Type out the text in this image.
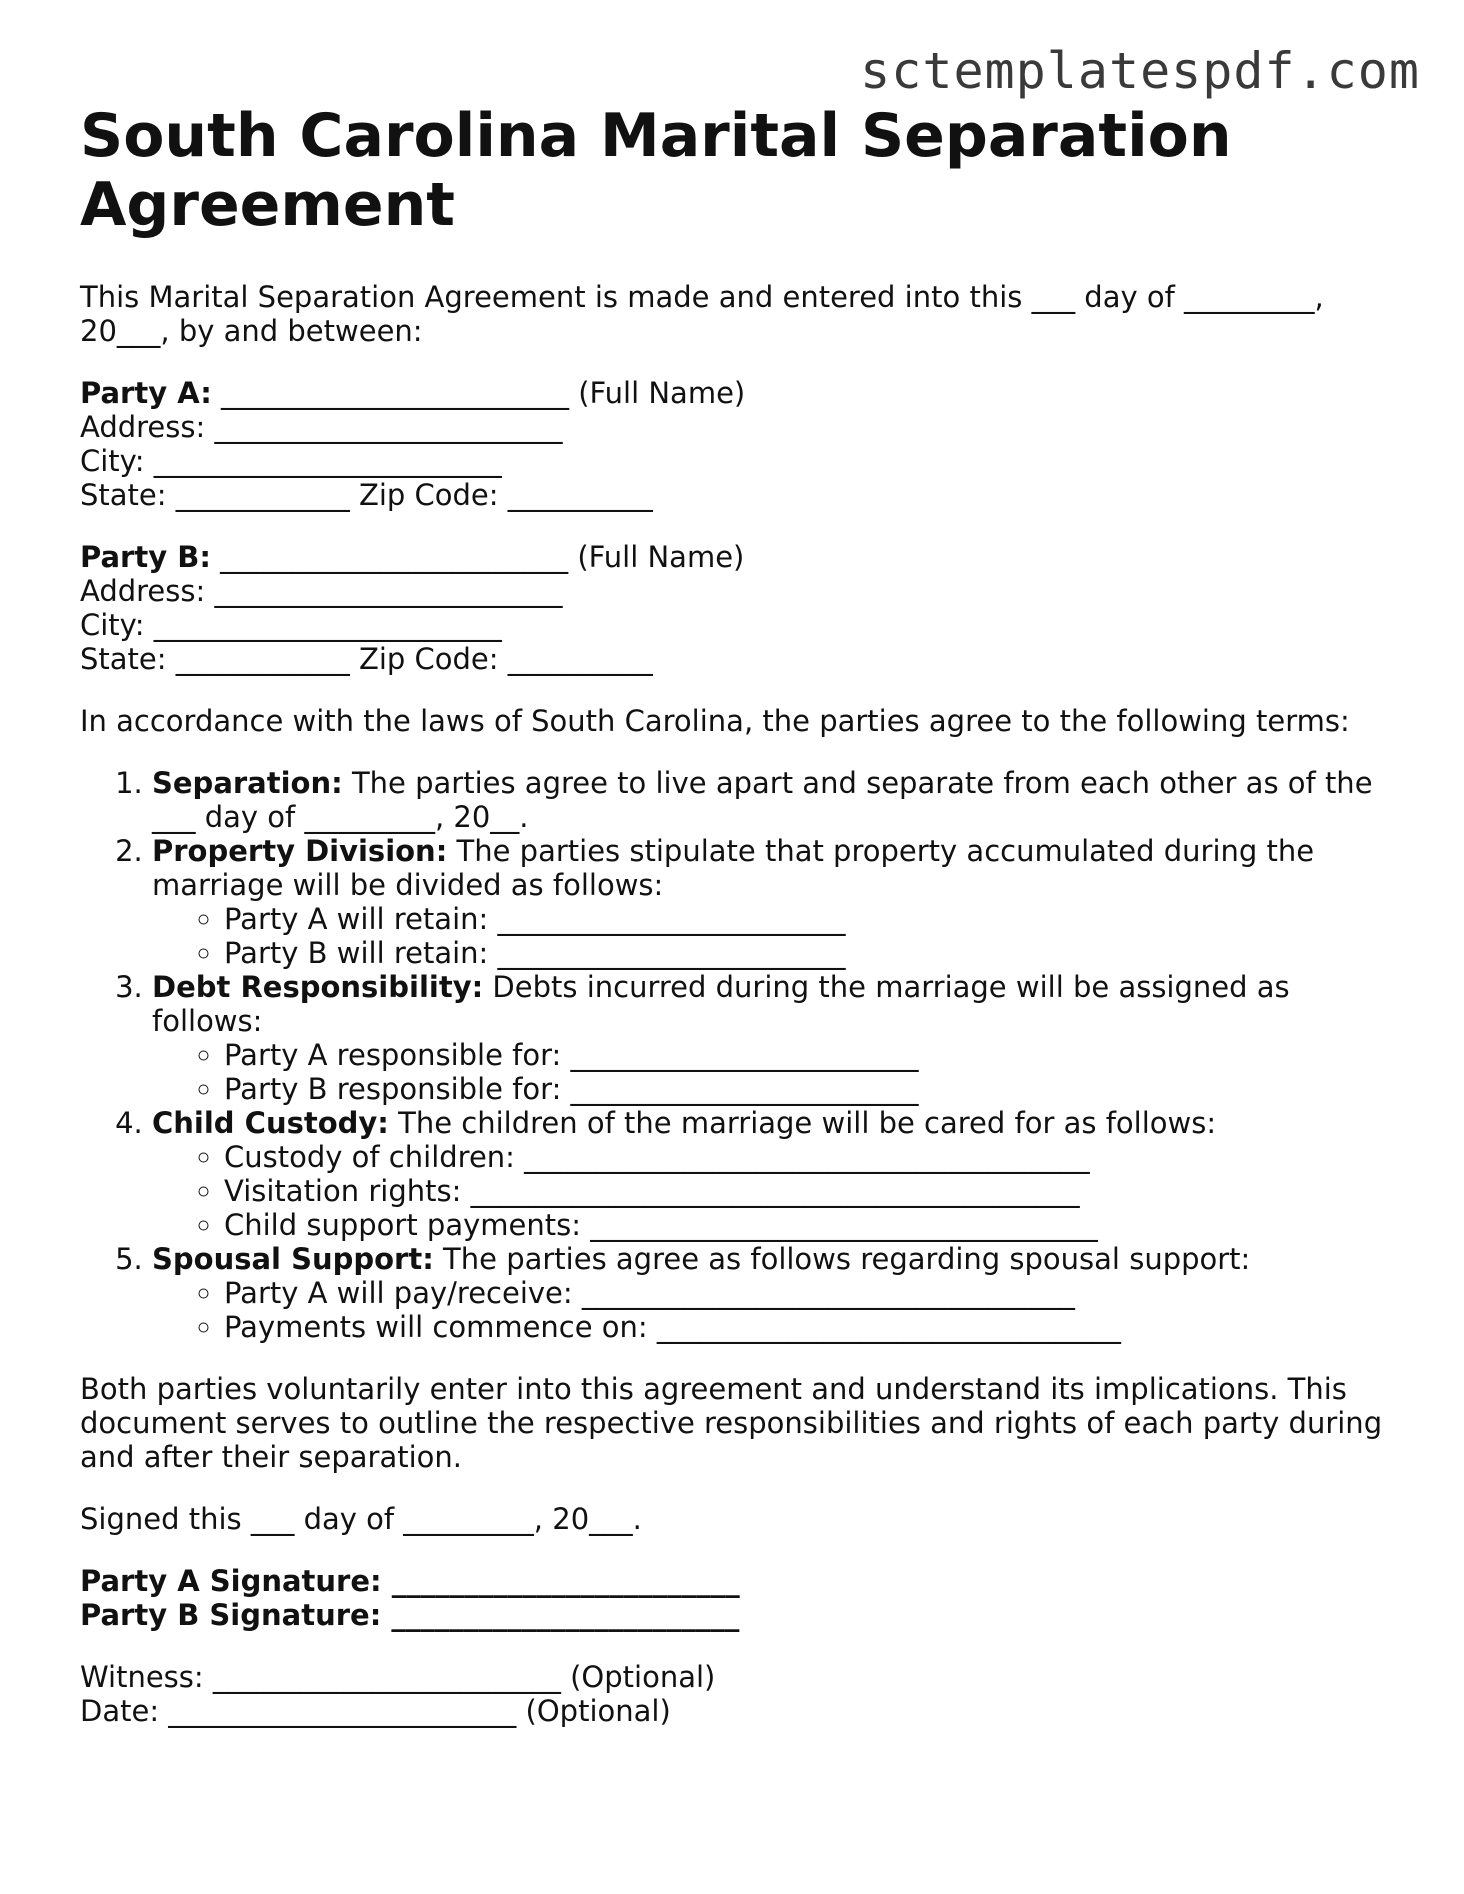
sctemplatespdf.com
South Carolina Marital Separation Agreement

This Marital Separation Agreement is made and entered into this ___ day of _________, 20___, by and between:

Party A: ________________________ (Full Name)
Address: ________________________
City: ________________________
State: ____________ Zip Code: __________
Party B: ________________________ (Full Name)
Address: ________________________
City: ________________________
State: ____________ Zip Code: __________

In accordance with the laws of South Carolina, the parties agree to the following terms:

1. Separation: The parties agree to live apart and separate from each other as of the ___ day of _________, 20__.
2. Property Division: The parties stipulate that property accumulated during the marriage will be divided as follows:
◦ Party A will retain: ________________________
◦ Party B will retain: ________________________
3. Debt Responsibility: Debts incurred during the marriage will be assigned as follows:
◦ Party A responsible for: ________________________
◦ Party B responsible for: ________________________
4. Child Custody: The children of the marriage will be cared for as follows:
◦ Custody of children: _______________________________________
◦ Visitation rights: __________________________________________
◦ Child support payments: ___________________________________
5. Spousal Support: The parties agree as follows regarding spousal support:
◦ Party A will pay/receive: __________________________________
◦ Payments will commence on: ________________________________

Both parties voluntarily enter into this agreement and understand its implications. This document serves to outline the respective responsibilities and rights of each party during and after their separation.

Signed this ___ day of _________, 20___.

Party A Signature: ________________________
Party B Signature: ________________________
Witness: ________________________ (Optional)
Date: ________________________ (Optional)
